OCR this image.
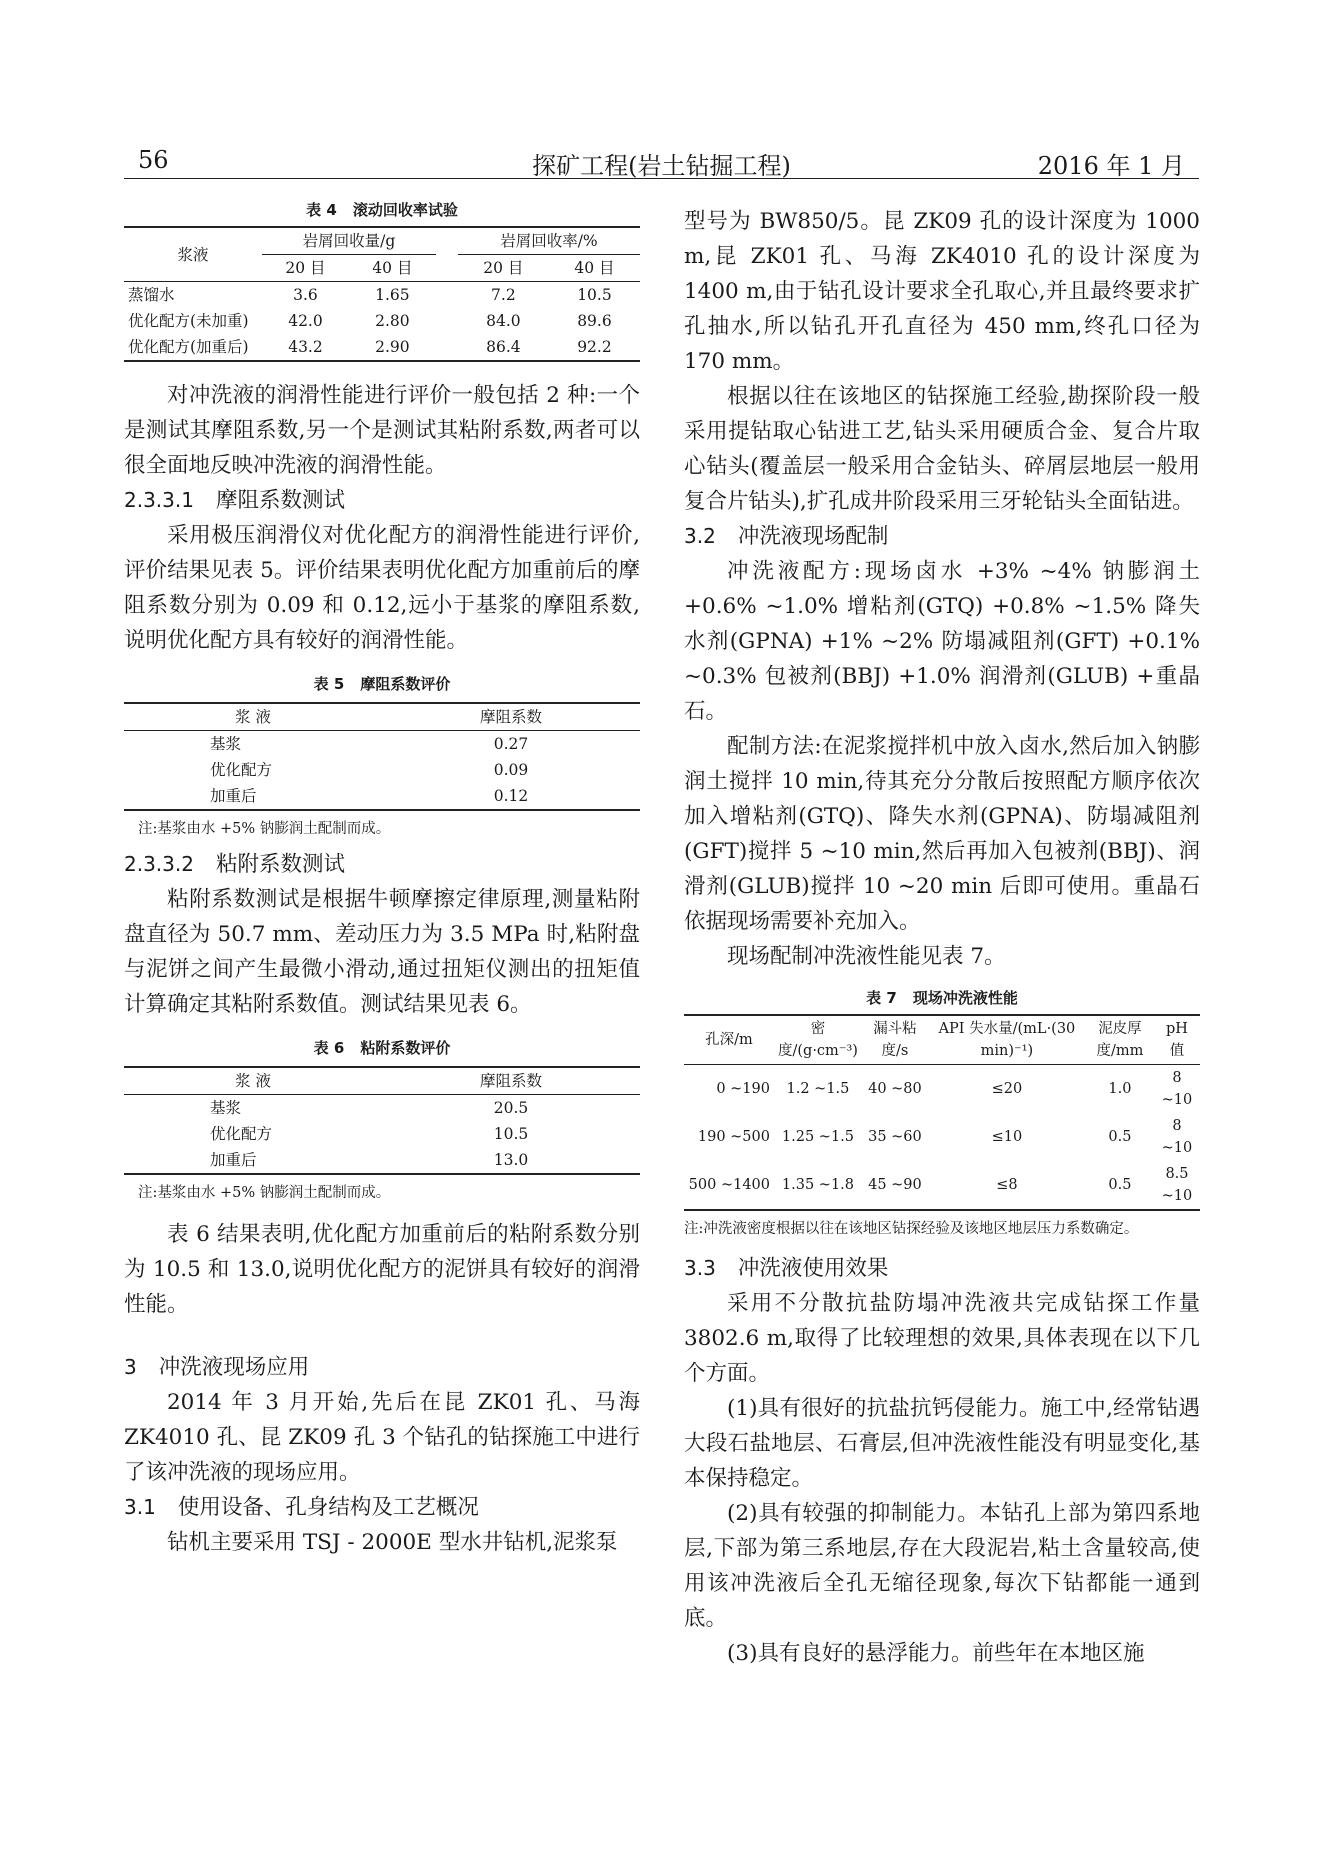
探矿工程(岩土钻掘工程)
56	2016 年 1 月

表 4 滚动回收率试验

浆液	岩屑回收量/g			岩屑回收率/%	
	20 目	40 目		20 目	40 目
蒸馏水	3.6	1.65		7.2	10.5
优化配方(未加重)	42.0	2.80		84.0	89.6
优化配方(加重后)	43.2	2.90		86.4	92.2

对冲洗液的润滑性能进行评价一般包括 2 种:一个是测试其摩阻系数,另一个是测试其粘附系数,两者可以很全面地反映冲洗液的润滑性能。

2.3.3.1 摩阻系数测试

采用极压润滑仪对优化配方的润滑性能进行评价,评价结果见表 5。评价结果表明优化配方加重前后的摩阻系数分别为 0.09 和 0.12,远小于基浆的摩阻系数,说明优化配方具有较好的润滑性能。

表 5 摩阻系数评价

浆 液	摩阻系数
基浆	0.27
优化配方	0.09
加重后	0.12

注:基浆由水 +5% 钠膨润土配制而成。

2.3.3.2 粘附系数测试

粘附系数测试是根据牛顿摩擦定律原理,测量粘附盘直径为 50.7 mm、差动压力为 3.5 MPa 时,粘附盘与泥饼之间产生最微小滑动,通过扭矩仪测出的扭矩值计算确定其粘附系数值。测试结果见表 6。

表 6 粘附系数评价

浆 液	摩阻系数
基浆	20.5
优化配方	10.5
加重后	13.0

注:基浆由水 +5% 钠膨润土配制而成。

表 6 结果表明,优化配方加重前后的粘附系数分别为 10.5 和 13.0,说明优化配方的泥饼具有较好的润滑性能。

3 冲洗液现场应用

2014 年 3 月开始,先后在昆 ZK01 孔、马海 ZK4010 孔、昆 ZK09 孔 3 个钻孔的钻探施工中进行了该冲洗液的现场应用。

3.1 使用设备、孔身结构及工艺概况

钻机主要采用 TSJ - 2000E 型水井钻机,泥浆泵

型号为 BW850/5。昆 ZK09 孔的设计深度为 1000 m,昆 ZK01 孔、马海 ZK4010 孔的设计深度为 1400 m,由于钻孔设计要求全孔取心,并且最终要求扩孔抽水,所以钻孔开孔直径为 450 mm,终孔口径为 170 mm。

根据以往在该地区的钻探施工经验,勘探阶段一般采用提钻取心钻进工艺,钻头采用硬质合金、复合片取心钻头(覆盖层一般采用合金钻头、碎屑层地层一般用复合片钻头),扩孔成井阶段采用三牙轮钻头全面钻进。

3.2 冲洗液现场配制

冲洗液配方:现场卤水 +3% ~4% 钠膨润土 +0.6% ~1.0% 增粘剂(GTQ) +0.8% ~1.5% 降失水剂(GPNA) +1% ~2% 防塌减阻剂(GFT) +0.1% ~0.3% 包被剂(BBJ) +1.0% 润滑剂(GLUB) +重晶石。

配制方法:在泥浆搅拌机中放入卤水,然后加入钠膨润土搅拌 10 min,待其充分分散后按照配方顺序依次加入增粘剂(GTQ)、降失水剂(GPNA)、防塌减阻剂(GFT)搅拌 5 ~10 min,然后再加入包被剂(BBJ)、润滑剂(GLUB)搅拌 10 ~20 min 后即可使用。重晶石依据现场需要补充加入。

现场配制冲洗液性能见表 7。

表 7 现场冲洗液性能

孔深/m	密度/(g·cm⁻³)	漏斗粘度/s	API 失水量/(mL·(30 min)⁻¹)	泥皮厚度/mm	pH 值
0 ~190	1.2 ~1.5	40 ~80	≤20	1.0	8 ~10
190 ~500	1.25 ~1.5	35 ~60	≤10	0.5	8 ~10
500 ~1400	1.35 ~1.8	45 ~90	≤8	0.5	8.5 ~10

注:冲洗液密度根据以往在该地区钻探经验及该地区地层压力系数确定。

3.3 冲洗液使用效果

采用不分散抗盐防塌冲洗液共完成钻探工作量 3802.6 m,取得了比较理想的效果,具体表现在以下几个方面。

(1)具有很好的抗盐抗钙侵能力。施工中,经常钻遇大段石盐地层、石膏层,但冲洗液性能没有明显变化,基本保持稳定。

(2)具有较强的抑制能力。本钻孔上部为第四系地层,下部为第三系地层,存在大段泥岩,粘土含量较高,使用该冲洗液后全孔无缩径现象,每次下钻都能一通到底。

(3)具有良好的悬浮能力。前些年在本地区施
